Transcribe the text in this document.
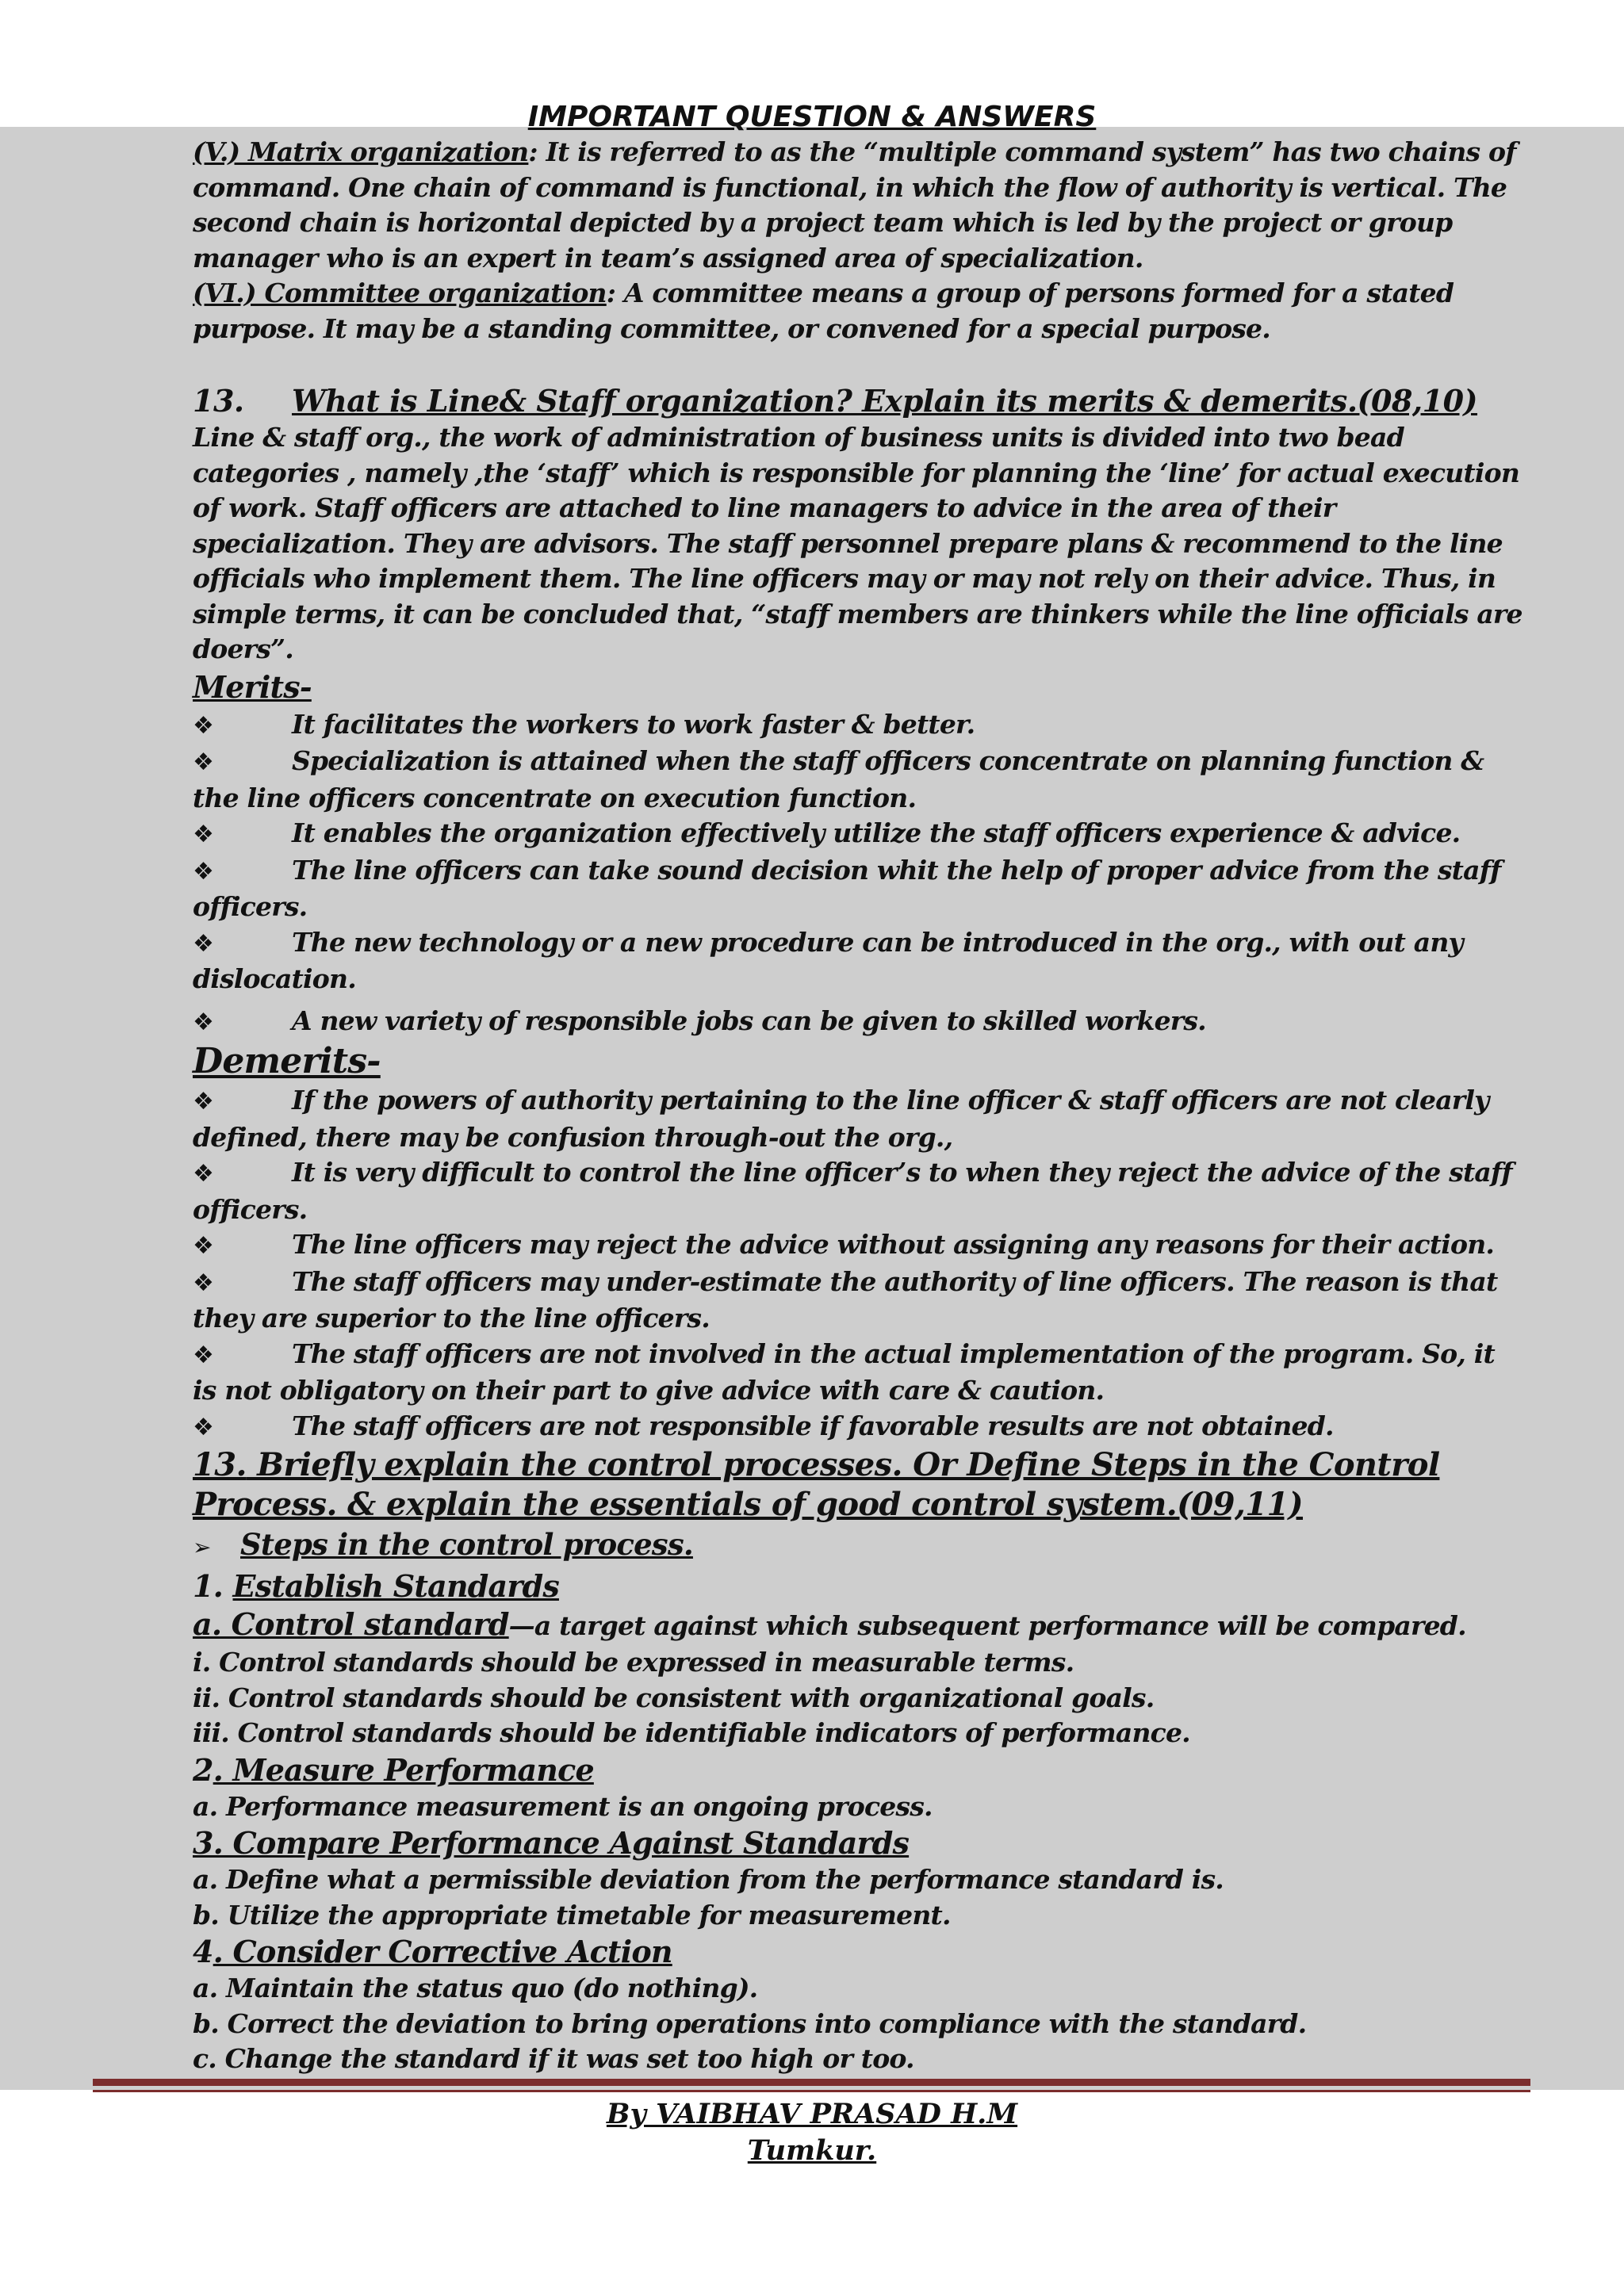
IMPORTANT QUESTION & ANSWERS

(V.) Matrix organization: It is referred to as the “multiple command system” has two chains of command. One chain of command is functional, in which the flow of authority is vertical. The second chain is horizontal depicted by a project team which is led by the project or group manager who is an expert in team’s assigned area of specialization.

(VI.) Committee organization: A committee means a group of persons formed for a stated purpose. It may be a standing committee, or convened for a special purpose.

13. What is Line& Staff organization? Explain its merits & demerits.(08,10)

Line & staff org., the work of administration of business units is divided into two bead categories , namely ,the ‘staff’ which is responsible for planning the ‘line’ for actual execution of work. Staff officers are attached to line managers to advice in the area of their specialization. They are advisors. The staff personnel prepare plans & recommend to the line officials who implement them. The line officers may or may not rely on their advice. Thus, in simple terms, it can be concluded that, “staff members are thinkers while the line officials are doers”.

Merits-
❖	It facilitates the workers to work faster & better.
❖	Specialization is attained when the staff officers concentrate on planning function & the line officers concentrate on execution function.
❖	It enables the organization effectively utilize the staff officers experience & advice.
❖	The line officers can take sound decision whit the help of proper advice from the staff officers.
❖	The new technology or a new procedure can be introduced in the org., with out any dislocation.
❖	A new variety of responsible jobs can be given to skilled workers.
Demerits-
❖	If the powers of authority pertaining to the line officer & staff officers are not clearly defined, there may be confusion through-out the org.,
❖	It is very difficult to control the line officer’s to when they reject the advice of the staff officers.
❖	The line officers may reject the advice without assigning any reasons for their action.
❖	The staff officers may under-estimate the authority of line officers. The reason is that they are superior to the line officers.
❖	The staff officers are not involved in the actual implementation of the program. So, it is not obligatory on their part to give advice with care & caution.
❖	The staff officers are not responsible if favorable results are not obtained.
13. Briefly explain the control processes. Or Define Steps in the Control Process. & explain the essentials of good control system.(09,11)
➢ Steps in the control process.
1. Establish Standards
a. Control standard—a target against which subsequent performance will be compared.
i. Control standards should be expressed in measurable terms.
ii. Control standards should be consistent with organizational goals.
iii. Control standards should be identifiable indicators of performance.
2. Measure Performance
a. Performance measurement is an ongoing process.
3. Compare Performance Against Standards
a. Define what a permissible deviation from the performance standard is.
b. Utilize the appropriate timetable for measurement.
4. Consider Corrective Action
a. Maintain the status quo (do nothing).
b. Correct the deviation to bring operations into compliance with the standard.
c. Change the standard if it was set too high or too.
By VAIBHAV PRASAD H.M
Tumkur.
